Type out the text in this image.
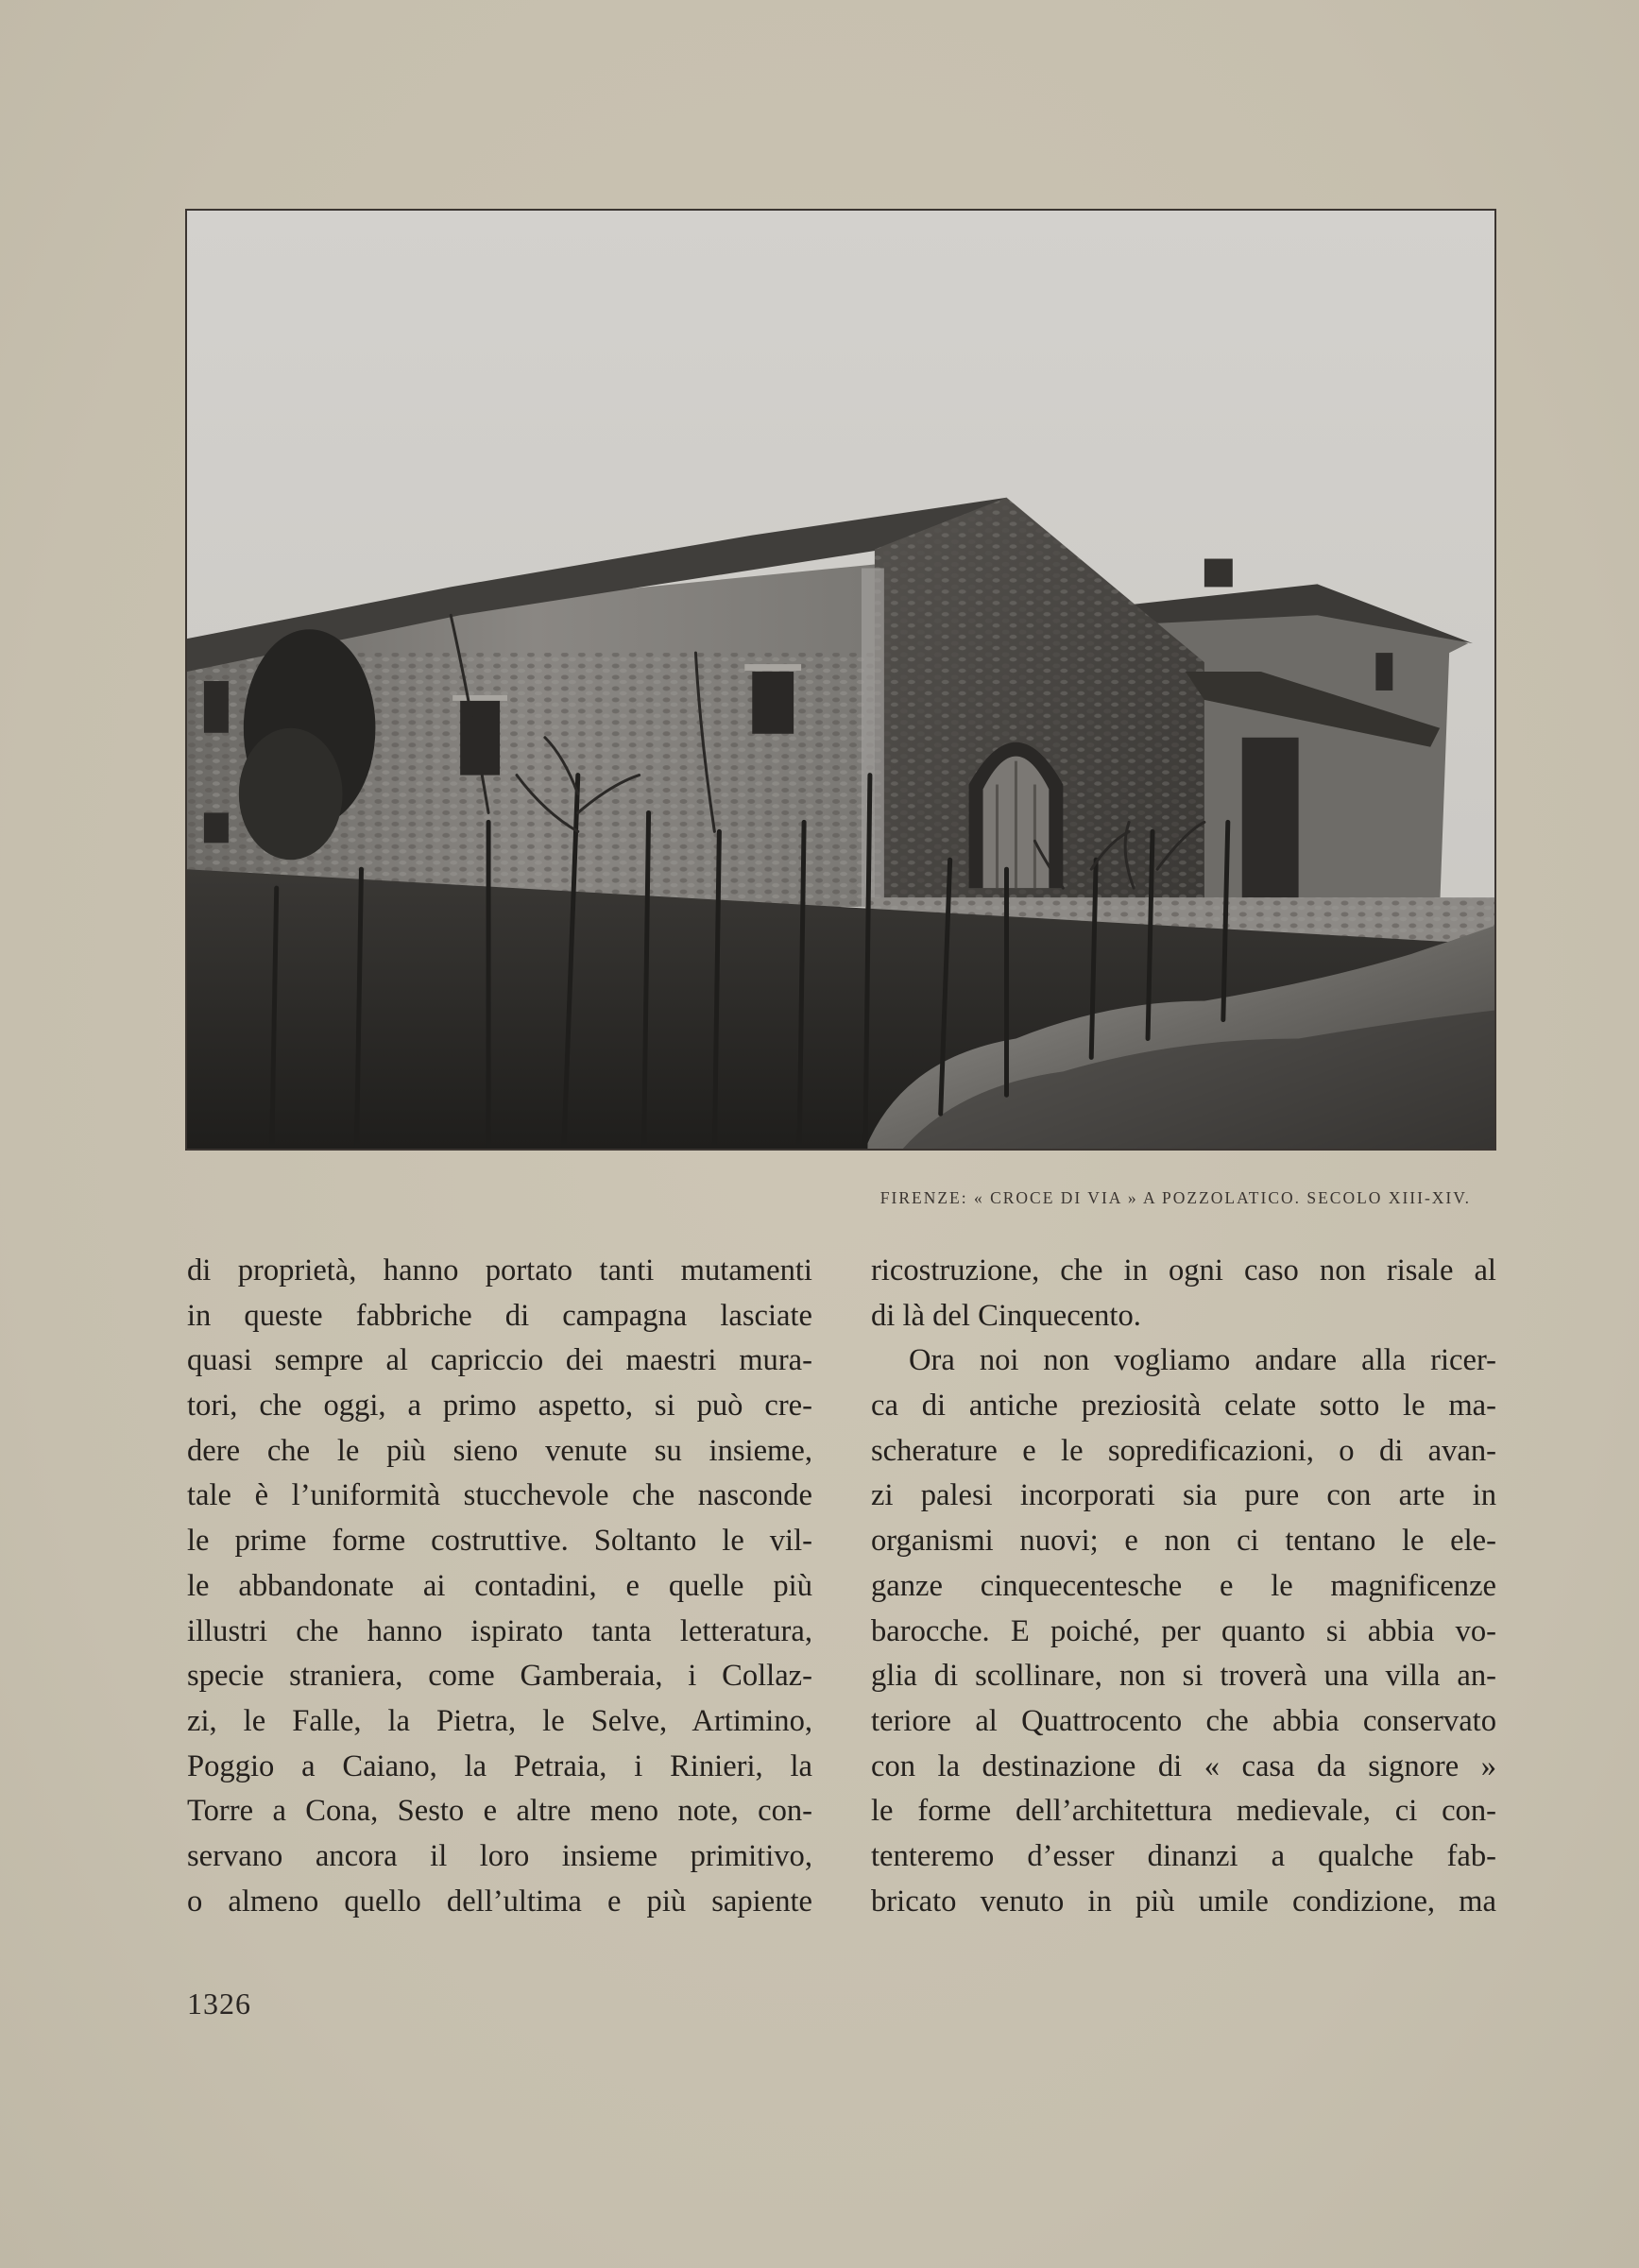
FIRENZE: « CROCE DI VIA » A POZZOLATICO. SECOLO XIII-XIV.
di proprietà, hanno portato tanti mutamenti
in queste fabbriche di campagna lasciate
quasi sempre al capriccio dei maestri mura-
tori, che oggi, a primo aspetto, si può cre-
dere che le più sieno venute su insieme,
tale è l’uniformità stucchevole che nasconde
le prime forme costruttive. Soltanto le vil-
le abbandonate ai contadini, e quelle più
illustri che hanno ispirato tanta letteratura,
specie straniera, come Gamberaia, i Collaz-
zi, le Falle, la Pietra, le Selve, Artimino,
Poggio a Caiano, la Petraia, i Rinieri, la
Torre a Cona, Sesto e altre meno note, con-
servano ancora il loro insieme primitivo,
o almeno quello dell’ultima e più sapiente
ricostruzione, che in ogni caso non risale al
di là del Cinquecento.
Ora noi non vogliamo andare alla ricer-
ca di antiche preziosità celate sotto le ma-
scherature e le sopredificazioni, o di avan-
zi palesi incorporati sia pure con arte in
organismi nuovi; e non ci tentano le ele-
ganze cinquecentesche e le magnificenze
barocche. E poiché, per quanto si abbia vo-
glia di scollinare, non si troverà una villa an-
teriore al Quattrocento che abbia conservato
con la destinazione di « casa da signore »
le forme dell’architettura medievale, ci con-
tenteremo d’esser dinanzi a qualche fab-
bricato venuto in più umile condizione, ma
1326
